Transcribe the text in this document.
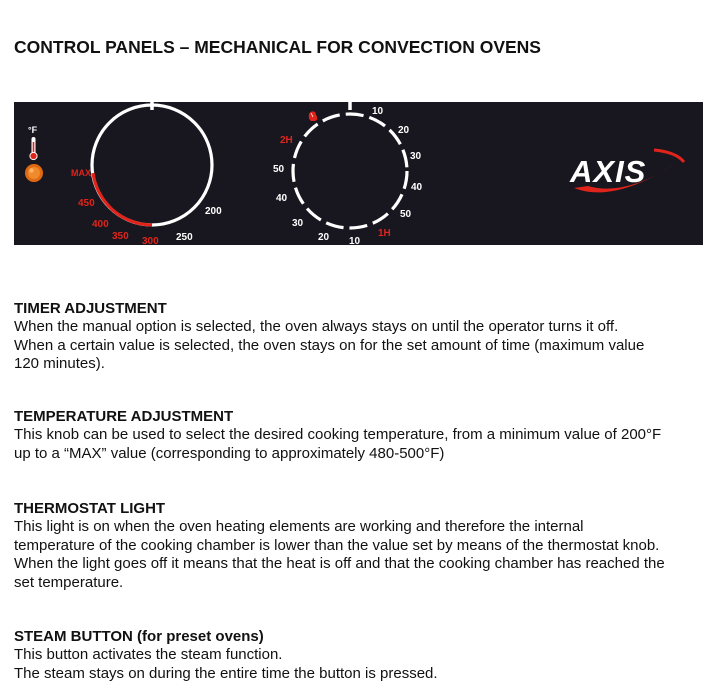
CONTROL PANELS – MECHANICAL FOR CONVECTION OVENS
°F
MAX
450
400
350 300 250
200
10
20
30
40
50
1H
10
20
30
40
50
2H
AXIS
TIMER ADJUSTMENT

When the manual option is selected, the oven always stays on until the operator turns it off.

When a certain value is selected, the oven stays on for the set amount of time (maximum value

120 minutes).

TEMPERATURE ADJUSTMENT

This knob can be used to select the desired cooking temperature, from a minimum value of 200°F

up to a “MAX” value (corresponding to approximately 480-500°F)

THERMOSTAT LIGHT

This light is on when the oven heating elements are working and therefore the internal

temperature of the cooking chamber is lower than the value set by means of the thermostat knob.

When the light goes off it means that the heat is off and that the cooking chamber has reached the

set temperature.

STEAM BUTTON (for preset ovens)

This button activates the steam function.

The steam stays on during the entire time the button is pressed.
